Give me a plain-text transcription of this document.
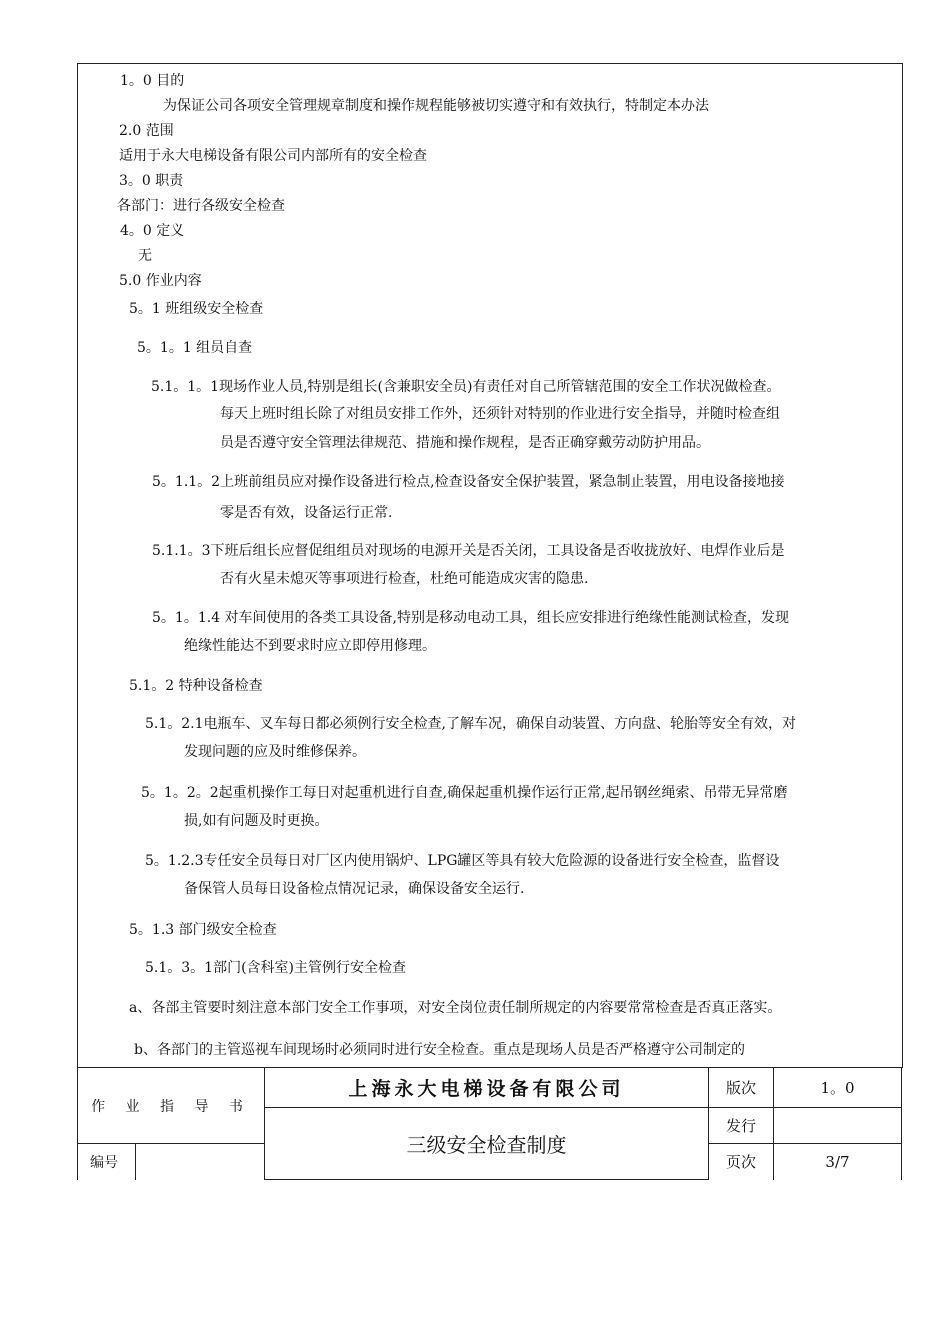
1。0 目的
为保证公司各项安全管理规章制度和操作规程能够被切实遵守和有效执行，特制定本办法
2.0 范围
适用于永大电梯设备有限公司内部所有的安全检查
3。0 职责
各部门：进行各级安全检查
4。0 定义
无
5.0 作业内容
5。1 班组级安全检查
5。1。1 组员自查
5.1。1。1现场作业人员,特别是组长(含兼职安全员)有责任对自己所管辖范围的安全工作状况做检查。
每天上班时组长除了对组员安排工作外，还须针对特别的作业进行安全指导，并随时检查组
员是否遵守安全管理法律规范、措施和操作规程，是否正确穿戴劳动防护用品。
5。1.1。2上班前组员应对操作设备进行检点,检查设备安全保护装置，紧急制止装置，用电设备接地接
零是否有效，设备运行正常.
5.1.1。3下班后组长应督促组组员对现场的电源开关是否关闭，工具设备是否收拢放好、电焊作业后是
否有火星未熄灭等事项进行检查，杜绝可能造成灾害的隐患.
5。1。1.4 对车间使用的各类工具设备,特别是移动电动工具，组长应安排进行绝缘性能测试检查，发现
绝缘性能达不到要求时应立即停用修理。
5.1。2 特种设备检查
5.1。2.1电瓶车、叉车每日都必须例行安全检查,了解车况，确保自动装置、方向盘、轮胎等安全有效，对
发现问题的应及时维修保养。
5。1。2。2起重机操作工每日对起重机进行自查,确保起重机操作运行正常,起吊钢丝绳索、吊带无异常磨
损,如有问题及时更换。
5。1.2.3专任安全员每日对厂区内使用锅炉、LPG罐区等具有较大危险源的设备进行安全检查，监督设
备保管人员每日设备检点情况记录，确保设备安全运行.
5。1.3 部门级安全检查
5.1。3。1部门(含科室)主管例行安全检查
a、各部主管要时刻注意本部门安全工作事项，对安全岗位责任制所规定的内容要常常检查是否真正落实。
b、各部门的主管巡视车间现场时必须同时进行安全检查。重点是现场人员是否严格遵守公司制定的
作 业 指 导 书		上海永大电梯设备有限公司	版次	1。0
		三级安全检查制度	发行	
编号			页次	3/7
